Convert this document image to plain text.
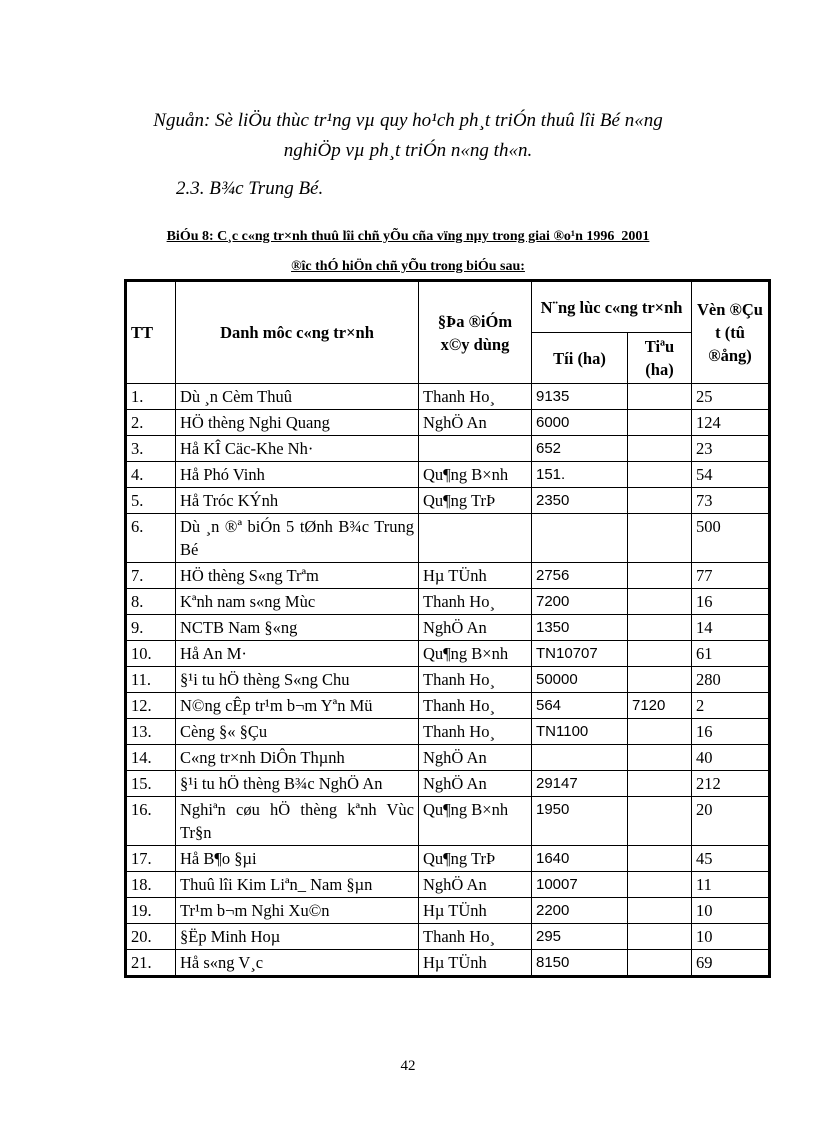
Nguån: Sè liÖu thùc tr¹ng vµ quy ho¹ch ph¸t triÓn thuû lîi Bé n«ng
nghiÖp vµ ph¸t triÓn n«ng th«n.
2.3. B¾c Trung Bé.
BiÓu 8: C¸c c«ng tr×nh thuû lîi chñ yÕu cña vïng nµy trong giai ®o¹n 1996_2001
®îc thÓ hiÖn chñ yÕu trong biÓu sau:
TT	Danh môc c«ng tr×nh	§Þa ®iÓm x©y dùng	N¨ng lùc c«ng tr×nh		Vèn ®Çu t (tû ®ång)
			Tíi (ha)	Tiªu (ha)	
1.	Dù ¸n Cèm Thuû	Thanh Ho¸	9135		25
2.	HÖ thèng Nghi Quang	NghÖ An	6000		124
3.	Hå KÎ Cäc-Khe Nh·		652		23
4.	Hå Phó Vinh	Qu¶ng B×nh	151.		54
5.	Hå Tróc KÝnh	Qu¶ng TrÞ	2350		73
6.	Dù ¸n ®ª biÓn 5 tØnh B¾c Trung Bé				500
7.	HÖ thèng S«ng Trªm	Hµ TÜnh	2756		77
8.	Kªnh nam s«ng Mùc	Thanh Ho¸	7200		16
9.	NCTB Nam §«ng	NghÖ An	1350		14
10.	Hå An M·	Qu¶ng B×nh	TN10707		61
11.	§¹i tu hÖ thèng S«ng Chu	Thanh Ho¸	50000		280
12.	N©ng cÊp tr¹m b¬m Yªn Mü	Thanh Ho¸	564	7120	2
13.	Cèng §« §Çu	Thanh Ho¸	TN1100		16
14.	C«ng tr×nh DiÔn Thµnh	NghÖ An			40
15.	§¹i tu hÖ thèng B¾c NghÖ An	NghÖ An	29147		212
16.	Nghiªn cøu hÖ thèng kªnh Vùc Tr§n	Qu¶ng B×nh	1950		20
17.	Hå B¶o §µi	Qu¶ng TrÞ	1640		45
18.	Thuû lîi Kim Liªn_ Nam §µn	NghÖ An	10007		11
19.	Tr¹m b¬m Nghi Xu©n	Hµ TÜnh	2200		10
20.	§Ëp Minh Hoµ	Thanh Ho¸	295		10
21.	Hå s«ng V¸c	Hµ TÜnh	8150		69
42
